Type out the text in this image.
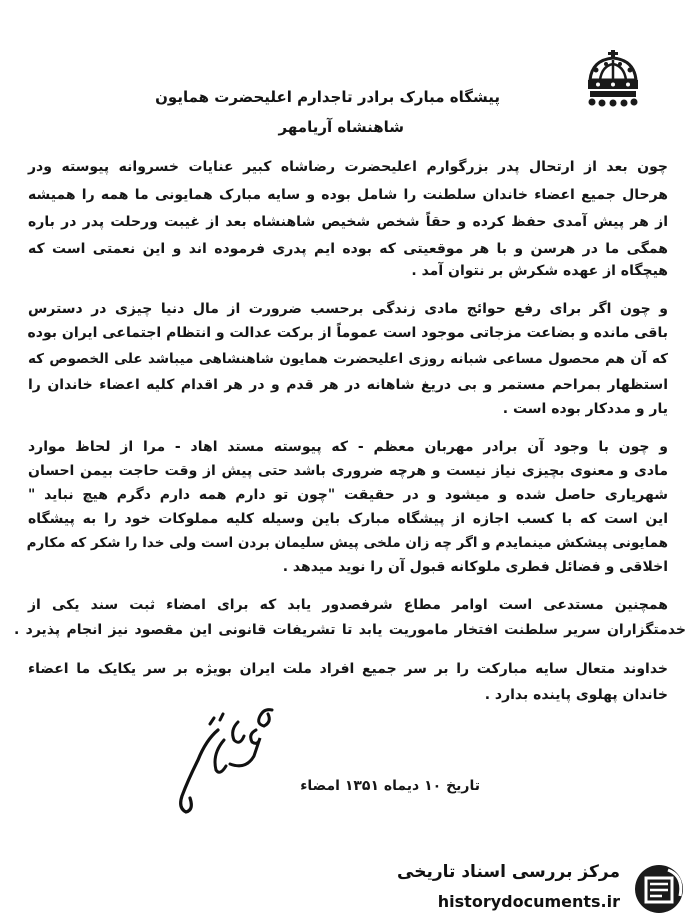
پیشگاه مبارک برادر تاجدارم اعلیحضرت همایون
شاهنشاه آریامهر
چون بعد از ارتحال پدر بزرگوارم اعلیحضرت رضاشاه کبیر عنایات خسروانه پیوسته ودر
هرحال جمیع اعضاء خاندان سلطنت را شامل بوده و سایه مبارک همایونی ما همه را همیشه
از هر پیش آمدی حفظ کرده و حقاً شخص شخیص شاهنشاه بعد از غیبت ورحلت پدر در باره
همگی ما در هرسن و با هر موقعیتی که بوده ایم پدری فرموده اند و این نعمتی است که
هیچگاه از عهده شکرش بر نتوان آمد .
و چون اگر برای رفع حوائج مادی زندگی برحسب ضرورت از مال دنیا چیزی در دسترس
باقی مانده و بضاعت مزجاتی موجود است عموماً از برکت عدالت و انتظام اجتماعی ایران بوده
که آن هم محصول مساعی شبانه روزی اعلیحضرت همایون شاهنشاهی میباشد علی الخصوص که
استظهار بمراحم مستمر و بی دریغ شاهانه در هر قدم و در هر اقدام کلیه اعضاء خاندان را
یار و مددکار بوده است .
و چون با وجود آن برادر مهربان معظم - که پیوسته مستد اهاد - مرا از لحاظ موارد
مادی و معنوی بچیزی نیاز نیست و هرچه ضروری باشد حتی پیش از وقت حاجت بیمن احسان
شهریاری حاصل شده و میشود و در حقیقت "چون تو دارم همه دارم دگرم هیچ نباید "
این است که با کسب اجازه از پیشگاه مبارک باین وسیله کلیه مملوکات خود را به پیشگاه
همایونی پیشکش مینمایدم و اگر چه زان ملخی پیش سلیمان بردن است ولی خدا را شکر که مکارم
اخلاقی و فضائل فطری ملوکانه قبول آن را نوید میدهد .
همچنین مستدعی است اوامر مطاع شرفصدور یابد که برای امضاء ثبت سند یکی از
خدمتگزاران سریر سلطنت افتخار ماموریت یابد تا تشریفات قانونی این مقصود نیز انجام پذیرد .
خداوند متعال سایه مبارکت را بر سر جمیع افراد ملت ایران بویژه بر سر یکایک ما اعضاء
خاندان پهلوی پاینده بدارد .
تاریخ ۱۰ دیماه ۱۳۵۱ امضاء
مرکز بررسی اسناد تاریخی
historydocuments.ir
